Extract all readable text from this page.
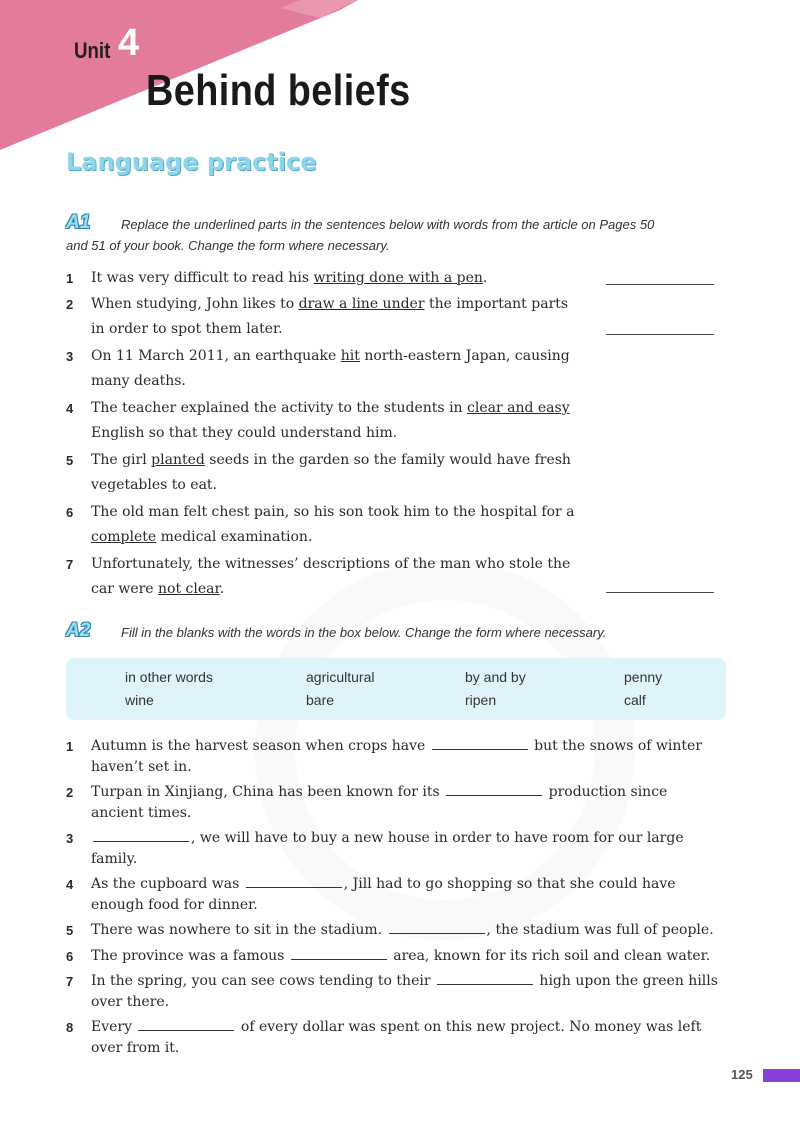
Unit 4
Behind beliefs
Language practice
A1 Replace the underlined parts in the sentences below with words from the article on Pages 50
and 51 of your book. Change the form where necessary.
1 It was very difficult to read his writing done with a pen.
2 When studying, John likes to draw a line under the important parts
in order to spot them later.
3 On 11 March 2011, an earthquake hit north-eastern Japan, causing
many deaths.
4 The teacher explained the activity to the students in clear and easy
English so that they could understand him.
5 The girl planted seeds in the garden so the family would have fresh
vegetables to eat.
6 The old man felt chest pain, so his son took him to the hospital for a
complete medical examination.
7 Unfortunately, the witnesses’ descriptions of the man who stole the
car were not clear.
A2 Fill in the blanks with the words in the box below. Change the form where necessary.
in other words	agricultural	by and by	penny
wine	bare	ripen	calf
1 Autumn is the harvest season when crops have	but the snows of winter
haven’t set in.
2 Turpan in Xinjiang, China has been known for its	production since
ancient times.
3	, we will have to buy a new house in order to have room for our large
family.
4 As the cupboard was	, Jill had to go shopping so that she could have
enough food for dinner.
5 There was nowhere to sit in the stadium.	, the stadium was full of people.
6 The province was a famous	area, known for its rich soil and clean water.
7 In the spring, you can see cows tending to their	high upon the green hills
over there.
8 Every	of every dollar was spent on this new project. No money was left
over from it.
125
